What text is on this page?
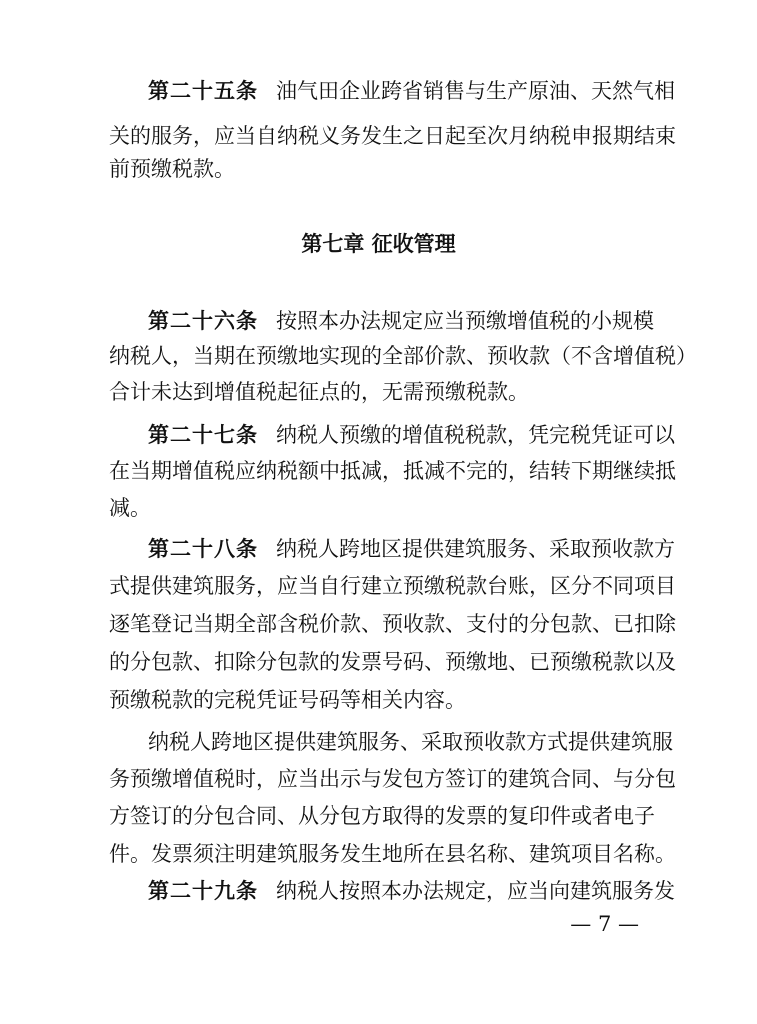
第二十五条 油气田企业跨省销售与生产原油、天然气相
关的服务，应当自纳税义务发生之日起至次月纳税申报期结束
前预缴税款。
第七章 征收管理
第二十六条 按照本办法规定应当预缴增值税的小规模
纳税人，当期在预缴地实现的全部价款、预收款（不含增值税）
合计未达到增值税起征点的，无需预缴税款。
第二十七条 纳税人预缴的增值税税款，凭完税凭证可以
在当期增值税应纳税额中抵减，抵减不完的，结转下期继续抵
减。
第二十八条 纳税人跨地区提供建筑服务、采取预收款方
式提供建筑服务，应当自行建立预缴税款台账，区分不同项目
逐笔登记当期全部含税价款、预收款、支付的分包款、已扣除
的分包款、扣除分包款的发票号码、预缴地、已预缴税款以及
预缴税款的完税凭证号码等相关内容。
纳税人跨地区提供建筑服务、采取预收款方式提供建筑服
务预缴增值税时，应当出示与发包方签订的建筑合同、与分包
方签订的分包合同、从分包方取得的发票的复印件或者电子
件。发票须注明建筑服务发生地所在县名称、建筑项目名称。
第二十九条 纳税人按照本办法规定，应当向建筑服务发
— 7 —
